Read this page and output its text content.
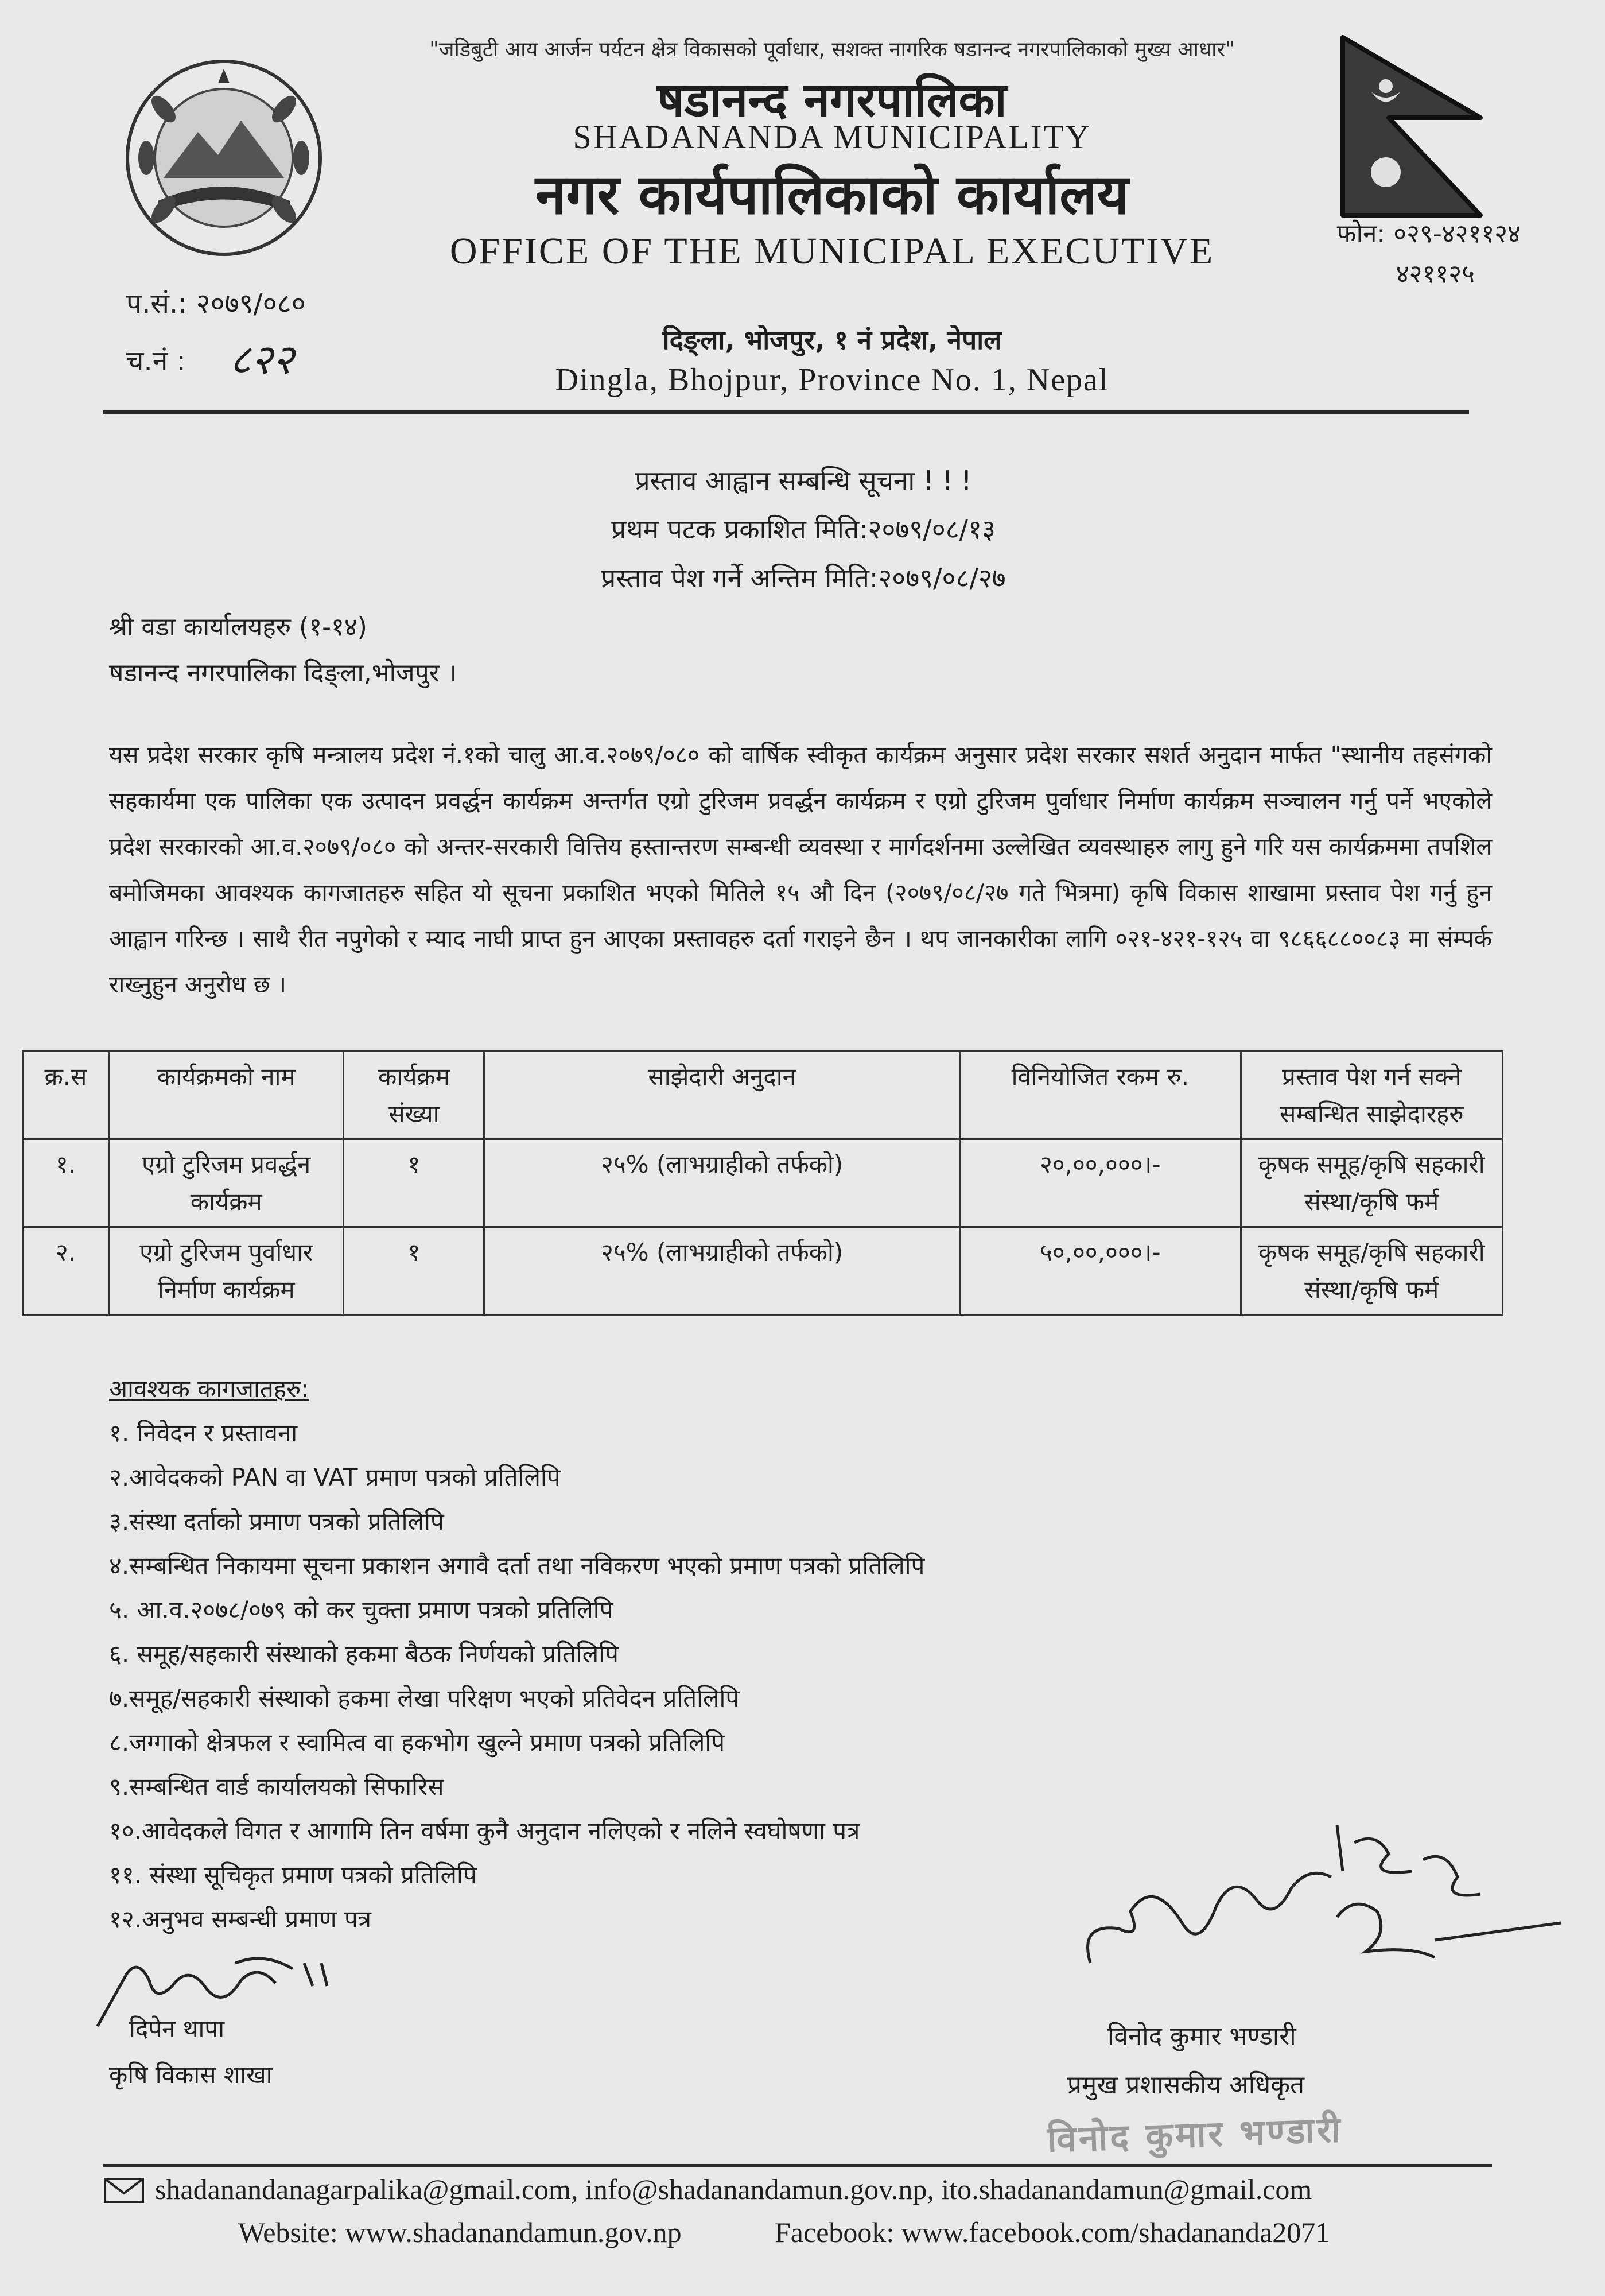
"जडिबुटी आय आर्जन पर्यटन क्षेत्र विकासको पूर्वाधार, सशक्त नागरिक षडानन्द नगरपालिकाको मुख्य आधार"
षडानन्द नगरपालिका
SHADANANDA MUNICIPALITY
नगर कार्यपालिकाको कार्यालय
OFFICE OF THE MUNICIPAL EXECUTIVE	फोन: ०२९-४२११२४
४२११२५
प.सं.: २०७९/०८०
च.नं : ८२२	दिङ्ला, भोजपुर, १ नं प्रदेश, नेपाल
Dingla, Bhojpur, Province No. 1, Nepal
प्रस्ताव आह्वान सम्बन्धि सूचना ! ! !
प्रथम पटक प्रकाशित मिति:२०७९/०८/१३
प्रस्ताव पेश गर्ने अन्तिम मिति:२०७९/०८/२७
श्री वडा कार्यालयहरु (१-१४)
षडानन्द नगरपालिका दिङ्ला,भोजपुर ।
यस प्रदेश सरकार कृषि मन्त्रालय प्रदेश नं.१को चालु आ.व.२०७९/०८० को वार्षिक स्वीकृत कार्यक्रम अनुसार प्रदेश सरकार सशर्त अनुदान मार्फत "स्थानीय तहसंगको सहकार्यमा एक पालिका एक उत्पादन प्रवर्द्धन कार्यक्रम अन्तर्गत एग्रो टुरिजम प्रवर्द्धन कार्यक्रम र एग्रो टुरिजम पुर्वाधार निर्माण कार्यक्रम सञ्चालन गर्नु पर्ने भएकोले प्रदेश सरकारको आ.व.२०७९/०८० को अन्तर-सरकारी वित्तिय हस्तान्तरण सम्बन्धी व्यवस्था र मार्गदर्शनमा उल्लेखित व्यवस्थाहरु लागु हुने गरि यस कार्यक्रममा तपशिल बमोजिमका आवश्यक कागजातहरु सहित यो सूचना प्रकाशित भएको मितिले १५ औ दिन (२०७९/०८/२७ गते भित्रमा) कृषि विकास शाखामा प्रस्ताव पेश गर्नु हुन आह्वान गरिन्छ । साथै रीत नपुगेको र म्याद नाघी प्राप्त हुन आएका प्रस्तावहरु दर्ता गराइने छैन । थप जानकारीका लागि ०२१-४२१-१२५ वा ९८६६८८००८३ मा संम्पर्क राख्नुहुन अनुरोध छ ।
क्र.स	कार्यक्रमको नाम	कार्यक्रम संख्या	साझेदारी अनुदान	विनियोजित रकम रु.	प्रस्ताव पेश गर्न सक्ने सम्बन्धित साझेदारहरु
१.	एग्रो टुरिजम प्रवर्द्धन कार्यक्रम	१	२५% (लाभग्राहीको तर्फको)	२०,००,०००।-	कृषक समूह/कृषि सहकारी संस्था/कृषि फर्म
२.	एग्रो टुरिजम पुर्वाधार निर्माण कार्यक्रम	१	२५% (लाभग्राहीको तर्फको)	५०,००,०००।-	कृषक समूह/कृषि सहकारी संस्था/कृषि फर्म
आवश्यक कागजातहरु:
१. निवेदन र प्रस्तावना
२.आवेदकको PAN वा VAT प्रमाण पत्रको प्रतिलिपि
३.संस्था दर्ताको प्रमाण पत्रको प्रतिलिपि
४.सम्बन्धित निकायमा सूचना प्रकाशन अगावै दर्ता तथा नविकरण भएको प्रमाण पत्रको प्रतिलिपि
५. आ.व.२०७८/०७९ को कर चुक्ता प्रमाण पत्रको प्रतिलिपि
६. समूह/सहकारी संस्थाको हकमा बैठक निर्णयको प्रतिलिपि
७.समूह/सहकारी संस्थाको हकमा लेखा परिक्षण भएको प्रतिवेदन प्रतिलिपि
८.जग्गाको क्षेत्रफल र स्वामित्व वा हकभोग खुल्ने प्रमाण पत्रको प्रतिलिपि
९.सम्बन्धित वार्ड कार्यालयको सिफारिस
१०.आवेदकले विगत र आगामि तिन वर्षमा कुनै अनुदान नलिएको र नलिने स्वघोषणा पत्र
११. संस्था सूचिकृत प्रमाण पत्रको प्रतिलिपि
१२.अनुभव सम्बन्धी प्रमाण पत्र
दिपेन थापा
कृषि विकास शाखा
विनोद कुमार भण्डारी
प्रमुख प्रशासकीय अधिकृत
विनोद कुमार भण्डारी
shadanandanagarpalika@gmail.com, info@shadanandamun.gov.np, ito.shadanandamun@gmail.com
Website: www.shadanandamun.gov.np	Facebook: www.facebook.com/shadananda2071
